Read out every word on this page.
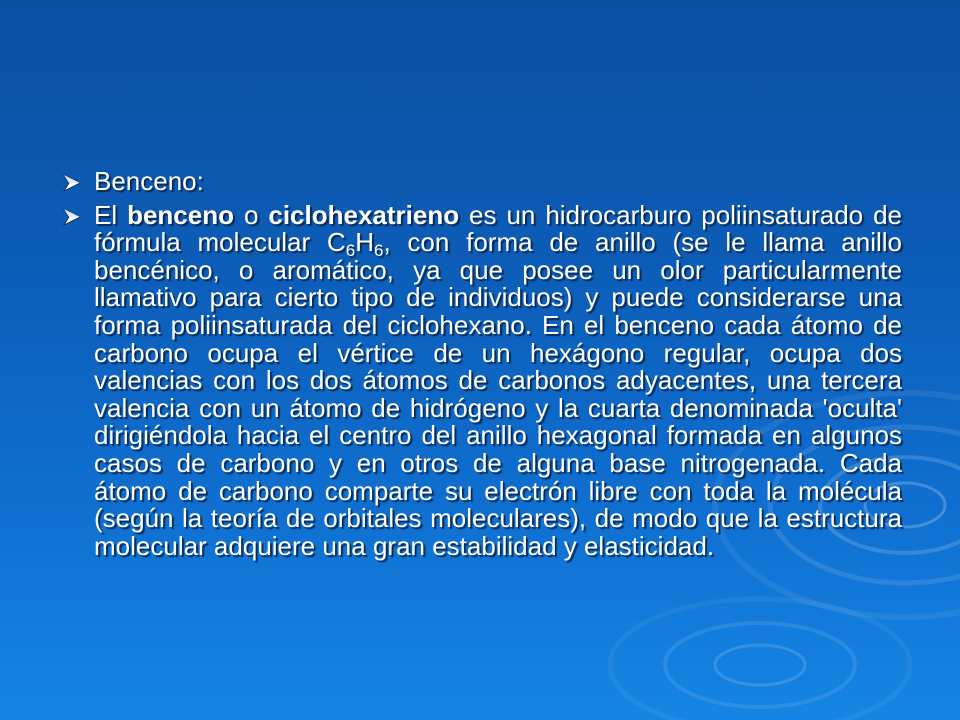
Benceno:
El benceno o ciclohexatrieno es un hidrocarburo poliinsaturado de fórmula molecular $C_6H_6$, con forma de anillo (se le llama anillo bencénico, o aromático, ya que posee un olor particularmente llamativo para cierto tipo de individuos) y puede considerarse una forma poliinsaturada del ciclohexano. En el benceno cada átomo de carbono ocupa el vértice de un hexágono regular, ocupa dos valencias con los dos átomos de carbonos adyacentes, una tercera valencia con un átomo de hidrógeno y la cuarta denominada 'oculta' dirigiéndola hacia el centro del anillo hexagonal formada en algunos casos de carbono y en otros de alguna base nitrogenada. Cada átomo de carbono comparte su electrón libre con toda la molécula (según la teoría de orbitales moleculares), de modo que la estructura molecular adquiere una gran estabilidad y elasticidad.
